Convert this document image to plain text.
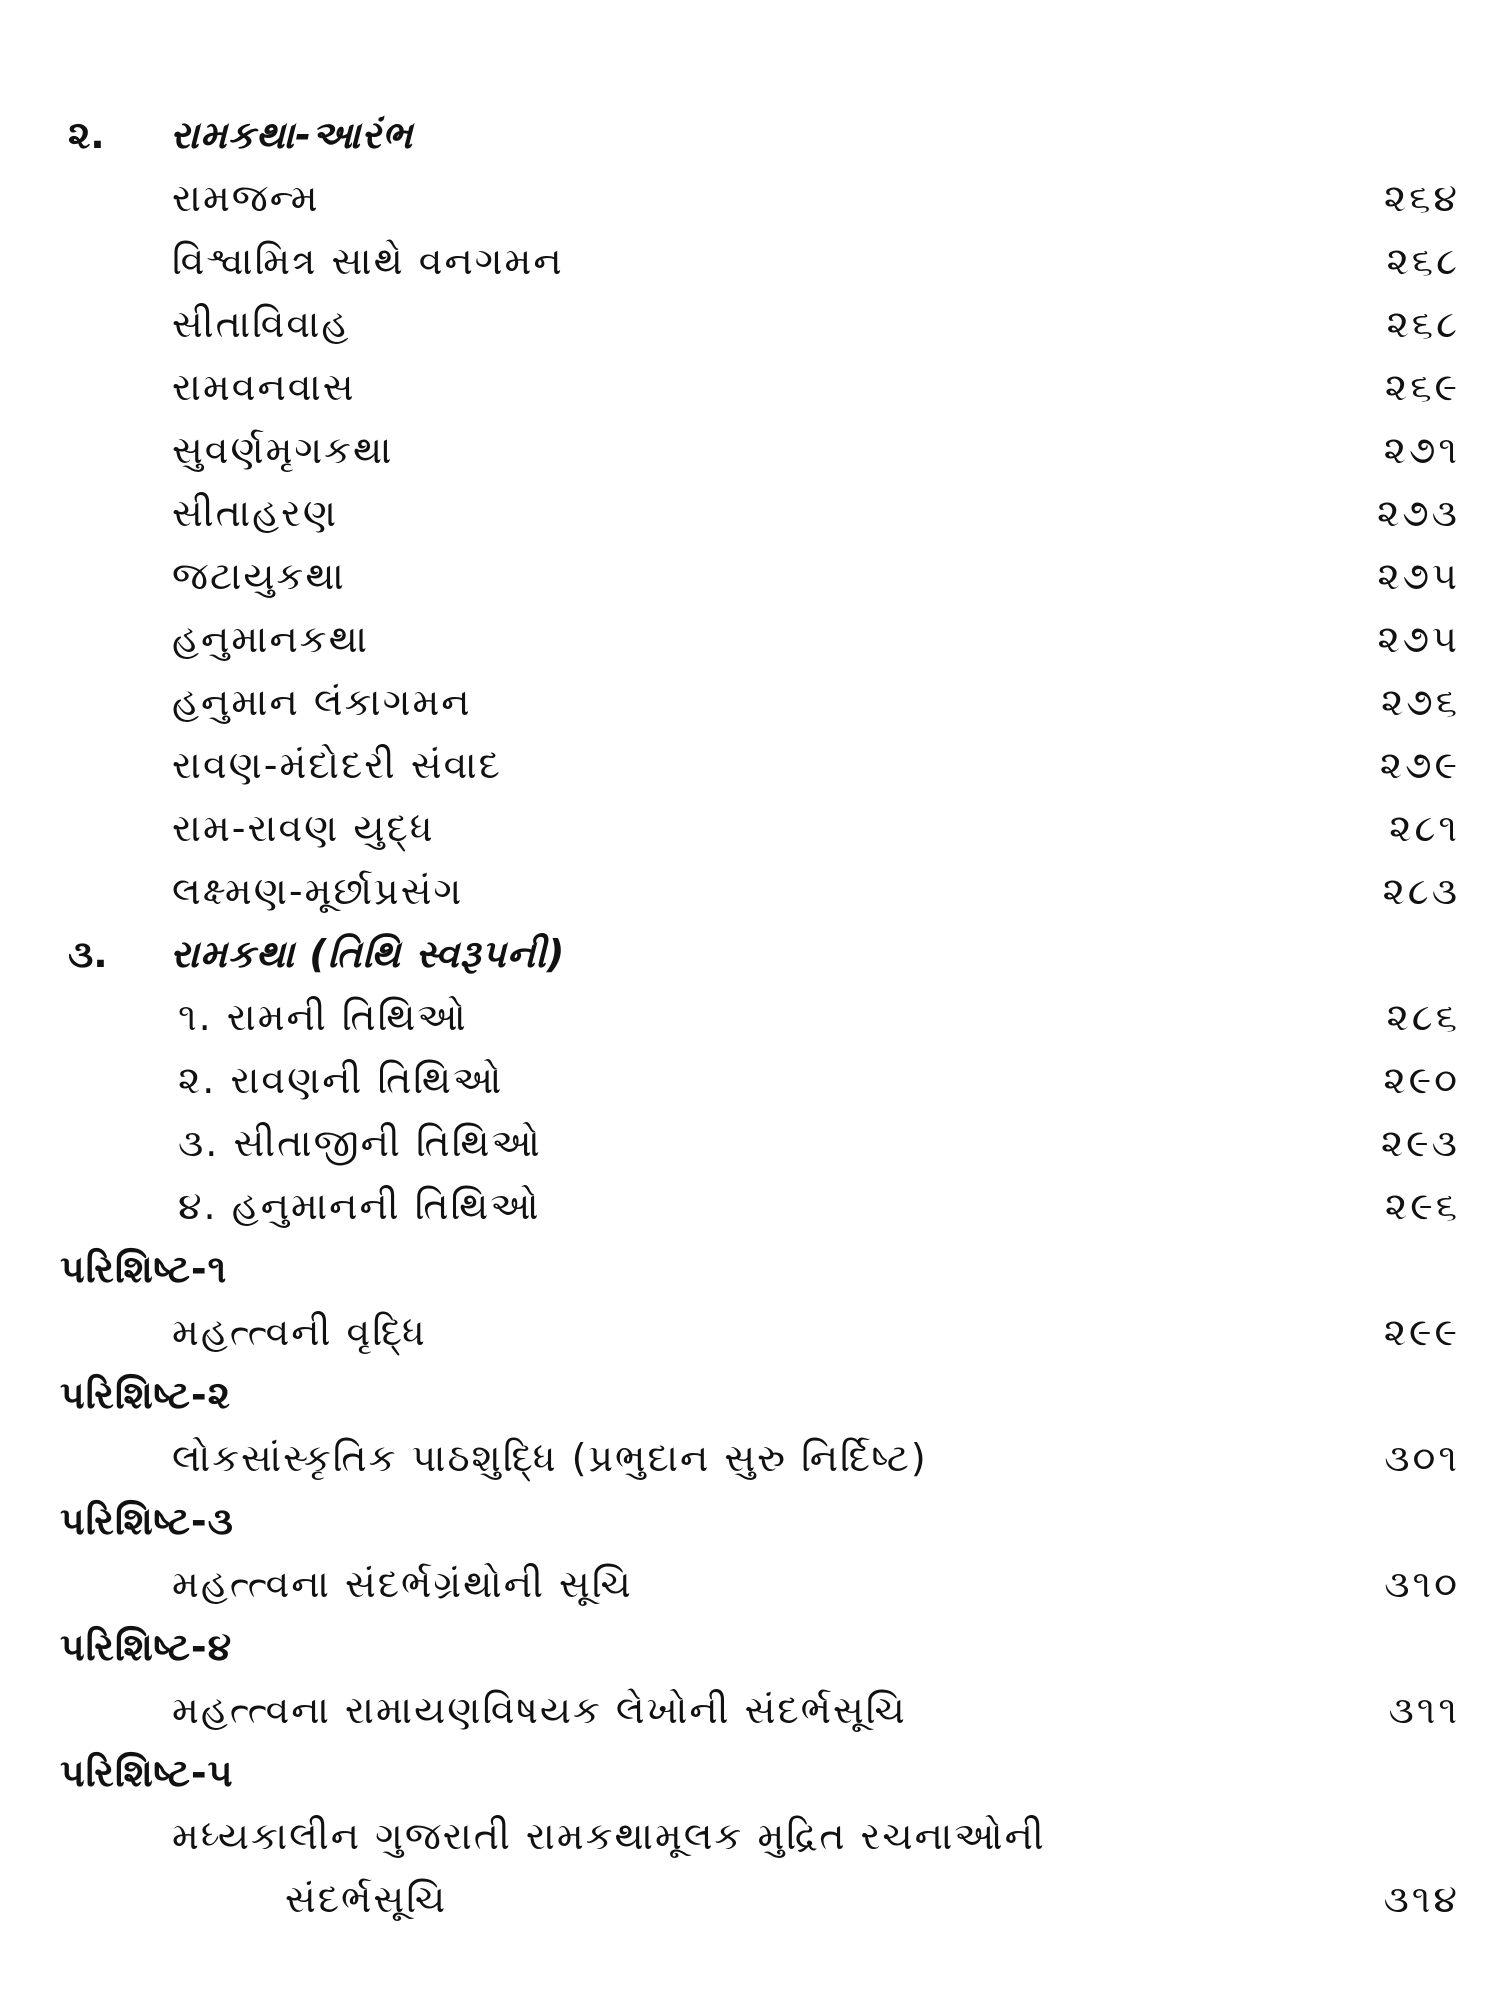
૨. રામકથા-આરંભ
રામજન્મ	૨૬૪
વિશ્વામિત્ર સાથે વનગમન	૨૬૮
સીતાવિવાહ	૨૬૮
રામવનવાસ	૨૬૯
સુવર્ણમૃગકથા	૨૭૧
સીતાહરણ	૨૭૩
જટાયુકથા	૨૭૫
હનુમાનકથા	૨૭૫
હનુમાન લંકાગમન	૨૭૬
રાવણ-મંદોદરી સંવાદ	૨૭૯
રામ-રાવણ યુદ્ધ	૨૮૧
લક્ષ્મણ-મૂર્છાપ્રસંગ	૨૮૩
૩. રામકથા (તિથિ સ્વરૂપની)
૧. રામની તિથિઓ	૨૮૬
૨. રાવણની તિથિઓ	૨૯૦
૩. સીતાજીની તિથિઓ	૨૯૩
૪. હનુમાનની તિથિઓ	૨૯૬
પરિશિષ્ટ-૧
મહત્ત્વની વૃદ્ધિ	૨૯૯
પરિશિષ્ટ-૨
લોકસાંસ્કૃતિક પાઠશુદ્ધિ (પ્રભુદાન સુરુ નિર્દિષ્ટ)	૩૦૧
પરિશિષ્ટ-૩
મહત્ત્વના સંદર્ભગ્રંથોની સૂચિ	૩૧૦
પરિશિષ્ટ-૪
મહત્ત્વના રામાયણવિષયક લેખોની સંદર્ભસૂચિ	૩૧૧
પરિશિષ્ટ-૫
મધ્યકાલીન ગુજરાતી રામકથામૂલક મુદ્રિત રચનાઓની
સંદર્ભસૂચિ	૩૧૪
